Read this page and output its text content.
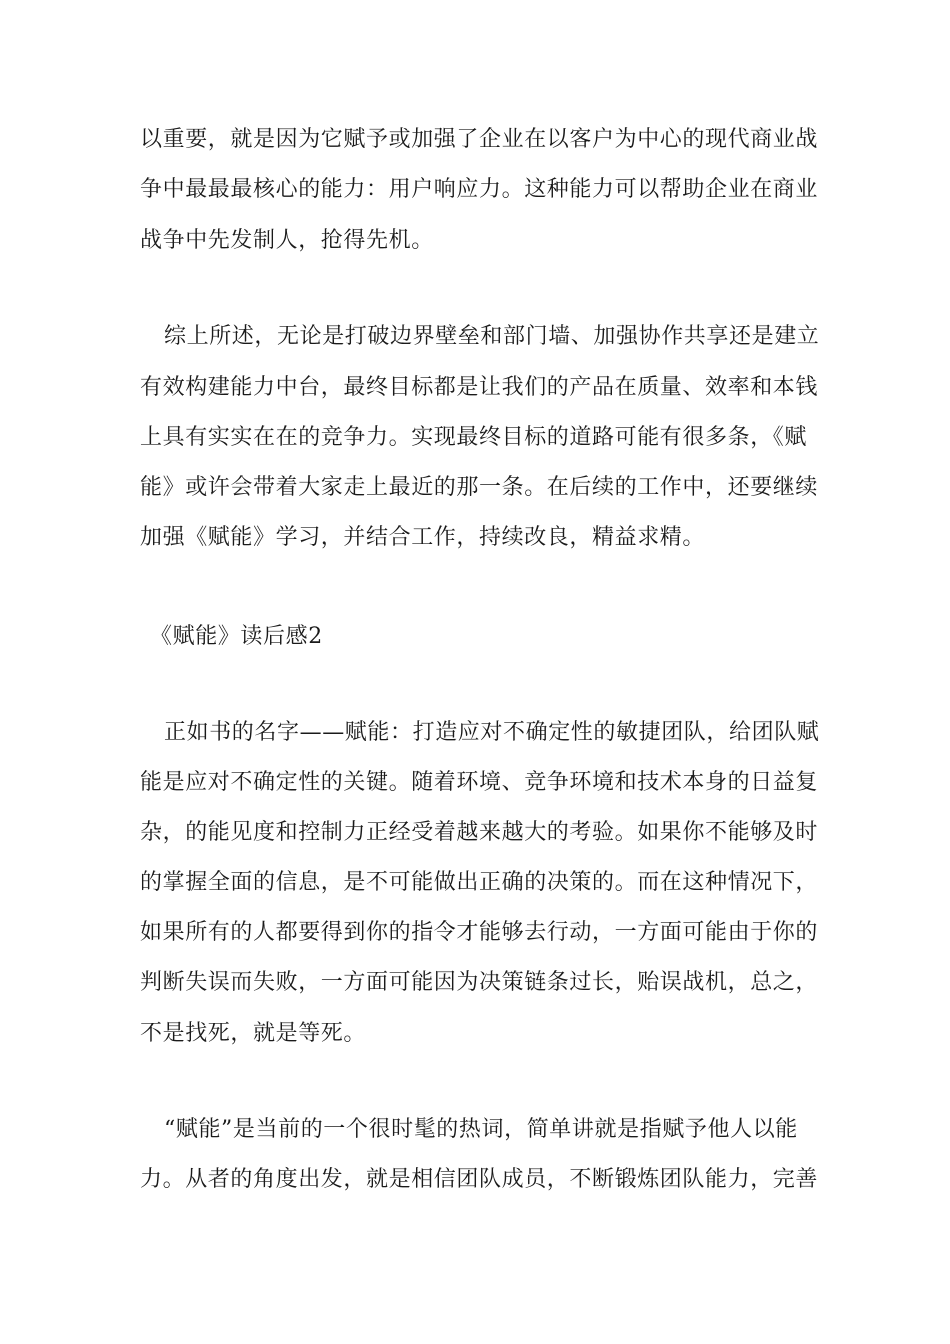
以重要，就是因为它赋予或加强了企业在以客户为中心的现代商业战

争中最最最核心的能力：用户响应力。这种能力可以帮助企业在商业

战争中先发制人，抢得先机。

综上所述，无论是打破边界壁垒和部门墙、加强协作共享还是建立

有效构建能力中台，最终目标都是让我们的产品在质量、效率和本钱

上具有实实在在的竞争力。实现最终目标的道路可能有很多条，《赋

能》或许会带着大家走上最近的那一条。在后续的工作中，还要继续

加强《赋能》学习，并结合工作，持续改良，精益求精。

《赋能》读后感2

正如书的名字——赋能：打造应对不确定性的敏捷团队，给团队赋

能是应对不确定性的关键。随着环境、竞争环境和技术本身的日益复

杂，的能见度和控制力正经受着越来越大的考验。如果你不能够及时

的掌握全面的信息，是不可能做出正确的决策的。而在这种情况下，

如果所有的人都要得到你的指令才能够去行动，一方面可能由于你的

判断失误而失败，一方面可能因为决策链条过长，贻误战机，总之，

不是找死，就是等死。

“赋能”是当前的一个很时髦的热词，简单讲就是指赋予他人以能

力。从者的角度出发，就是相信团队成员，不断锻炼团队能力，完善
